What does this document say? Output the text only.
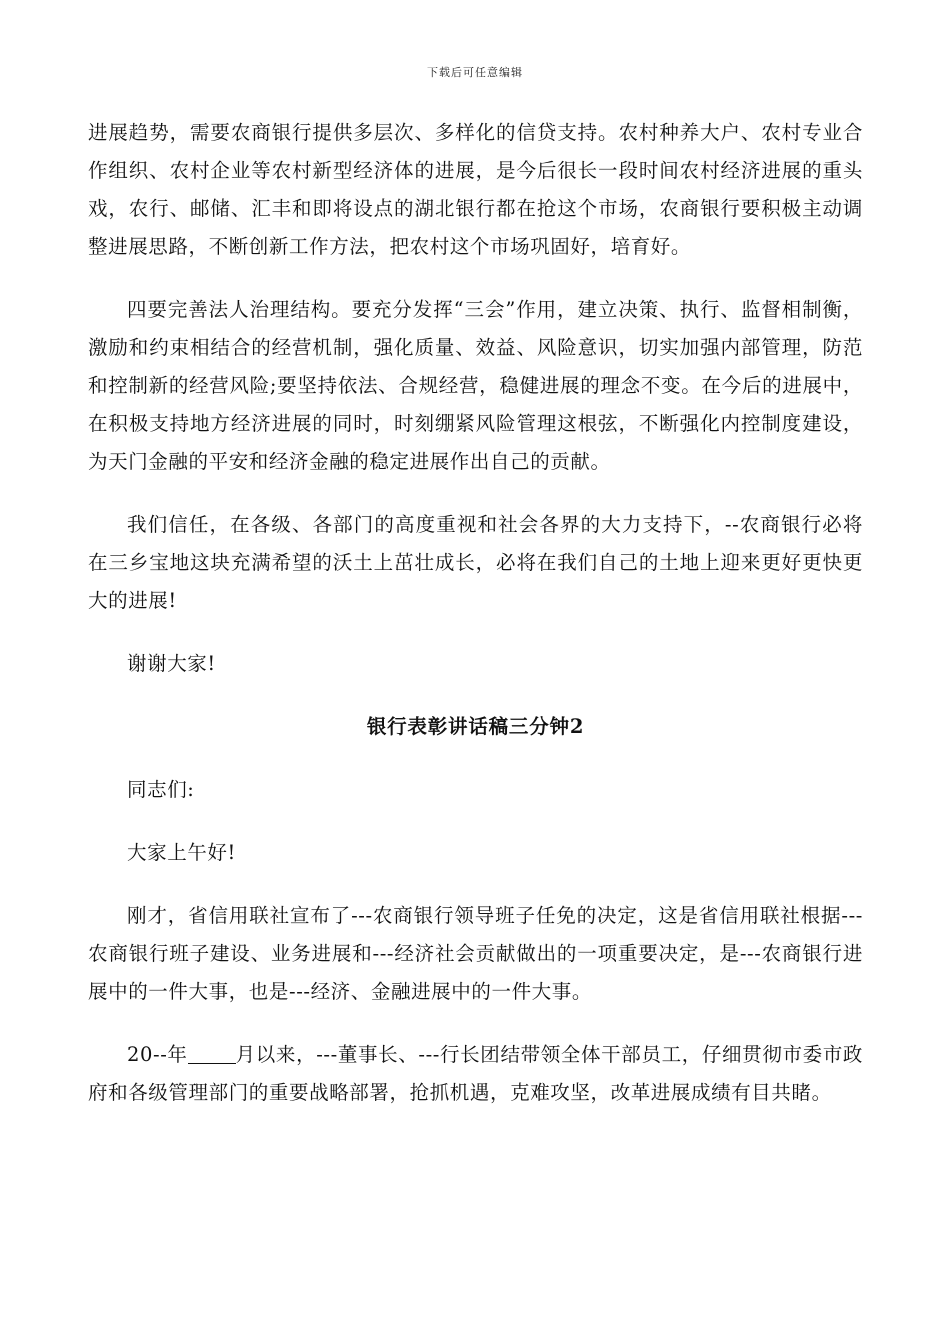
下载后可任意编辑

进展趋势，需要农商银行提供多层次、多样化的信贷支持。农村种养大户、农村专业合作组织、农村企业等农村新型经济体的进展，是今后很长一段时间农村经济进展的重头戏，农行、邮储、汇丰和即将设点的湖北银行都在抢这个市场，农商银行要积极主动调整进展思路，不断创新工作方法，把农村这个市场巩固好，培育好。

四要完善法人治理结构。要充分发挥“三会”作用，建立决策、执行、监督相制衡，激励和约束相结合的经营机制，强化质量、效益、风险意识，切实加强内部管理，防范和控制新的经营风险;要坚持依法、合规经营，稳健进展的理念不变。在今后的进展中，在积极支持地方经济进展的同时，时刻绷紧风险管理这根弦，不断强化内控制度建设，为天门金融的平安和经济金融的稳定进展作出自己的贡献。

我们信任，在各级、各部门的高度重视和社会各界的大力支持下，--农商银行必将在三乡宝地这块充满希望的沃土上茁壮成长，必将在我们自己的土地上迎来更好更快更大的进展!

谢谢大家!

银行表彰讲话稿三分钟2

同志们:

大家上午好!

刚才，省信用联社宣布了---农商银行领导班子任免的决定，这是省信用联社根据---农商银行班子建设、业务进展和---经济社会贡献做出的一项重要决定，是---农商银行进展中的一件大事，也是---经济、金融进展中的一件大事。

20--年 月以来，---董事长、---行长团结带领全体干部员工，仔细贯彻市委市政府和各级管理部门的重要战略部署，抢抓机遇，克难攻坚，改革进展成绩有目共睹。
